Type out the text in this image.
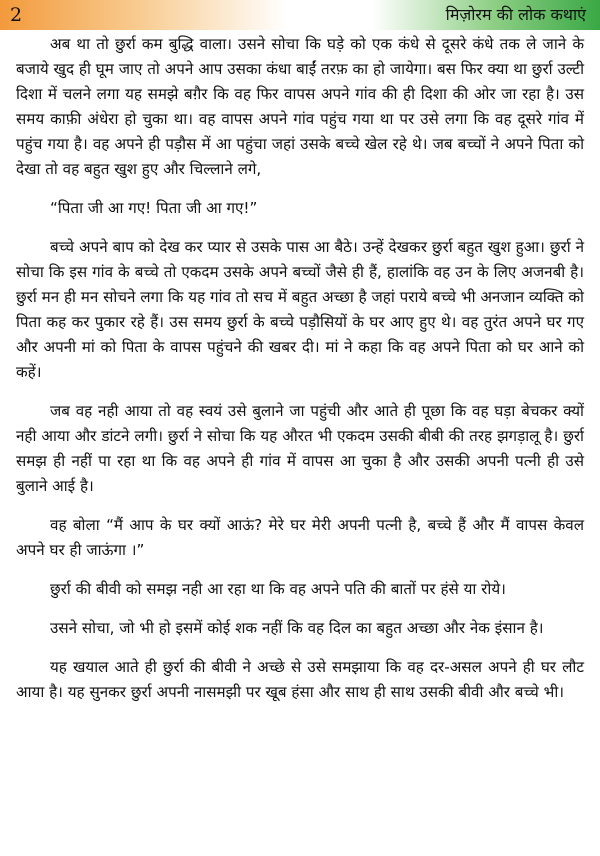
2	मिज़ोरम की लोक कथाएं

अब था तो छुर्रा कम बुद्धि वाला। उसने सोचा कि घड़े को एक कंधे से दूसरे कंधे तक ले जाने के बजाये खुद ही घूम जाए तो अपने आप उसका कंधा बाईं तरफ़ का हो जायेगा। बस फिर क्या था छुर्रा उल्टी दिशा में चलने लगा यह समझे बग़ैर कि वह फिर वापस अपने गांव की ही दिशा की ओर जा रहा है। उस समय काफ़ी अंधेरा हो चुका था। वह वापस अपने गांव पहुंच गया था पर उसे लगा कि वह दूसरे गांव में पहुंच गया है। वह अपने ही पड़ौस में आ पहुंचा जहां उसके बच्चे खेल रहे थे। जब बच्चों ने अपने पिता को देखा तो वह बहुत खुश हुए और चिल्लाने लगे,

“पिता जी आ गए! पिता जी आ गए!”

बच्चे अपने बाप को देख कर प्यार से उसके पास आ बैठे। उन्हें देखकर छुर्रा बहुत खुश हुआ। छुर्रा ने सोचा कि इस गांव के बच्चे तो एकदम उसके अपने बच्चों जैसे ही हैं, हालांकि वह उन के लिए अजनबी है। छुर्रा मन ही मन सोचने लगा कि यह गांव तो सच में बहुत अच्छा है जहां पराये बच्चे भी अनजान व्यक्ति को पिता कह कर पुकार रहे हैं। उस समय छुर्रा के बच्चे पड़ौसियों के घर आए हुए थे। वह तुरंत अपने घर गए और अपनी मां को पिता के वापस पहुंचने की खबर दी। मां ने कहा कि वह अपने पिता को घर आने को कहें।

जब वह नही आया तो वह स्वयं उसे बुलाने जा पहुंची और आते ही पूछा कि वह घड़ा बेचकर क्यों नही आया और डांटने लगी। छुर्रा ने सोचा कि यह औरत भी एकदम उसकी बीबी की तरह झगड़ालू है। छुर्रा समझ ही नहीं पा रहा था कि वह अपने ही गांव में वापस आ चुका है और उसकी अपनी पत्नी ही उसे बुलाने आई है।

वह बोला “मैं आप के घर क्यों आऊं? मेरे घर मेरी अपनी पत्नी है, बच्चे हैं और मैं वापस केवल अपने घर ही जाऊंगा ।”

छुर्रा की बीवी को समझ नही आ रहा था कि वह अपने पति की बातों पर हंसे या रोये।

उसने सोचा, जो भी हो इसमें कोई शक नहीं कि वह दिल का बहुत अच्छा और नेक इंसान है।

यह खयाल आते ही छुर्रा की बीवी ने अच्छे से उसे समझाया कि वह दर-असल अपने ही घर लौट आया है। यह सुनकर छुर्रा अपनी नासमझी पर खूब हंसा और साथ ही साथ उसकी बीवी और बच्चे भी।
